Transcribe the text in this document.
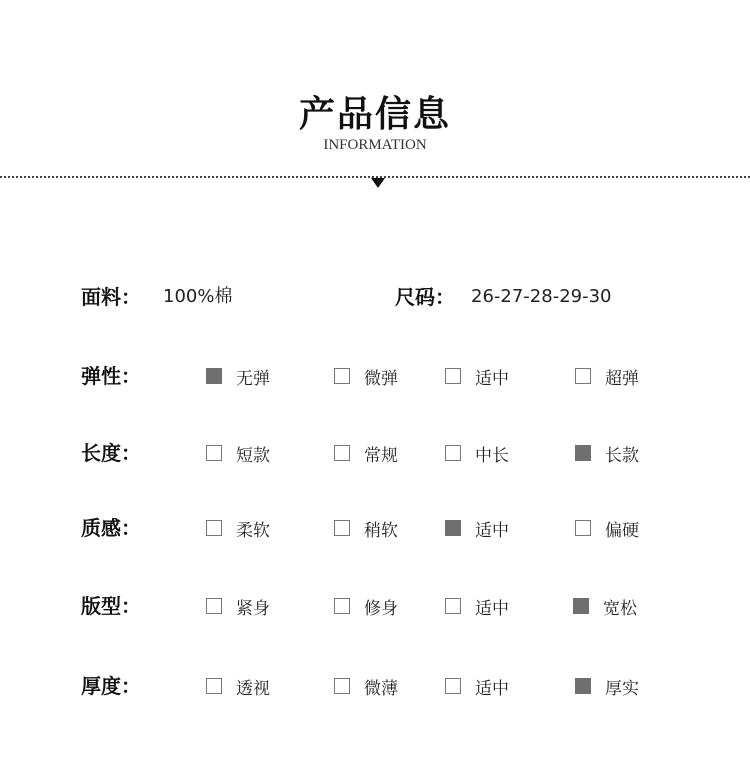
产品信息
INFORMATION
面料： 100%棉	尺码： 26-27-28-29-30
弹性：	无弹	微弹	适中	超弹
长度：	短款	常规	中长	长款
质感：	柔软	稍软	适中	偏硬
版型：	紧身	修身	适中	宽松
厚度：	透视	微薄	适中	厚实
